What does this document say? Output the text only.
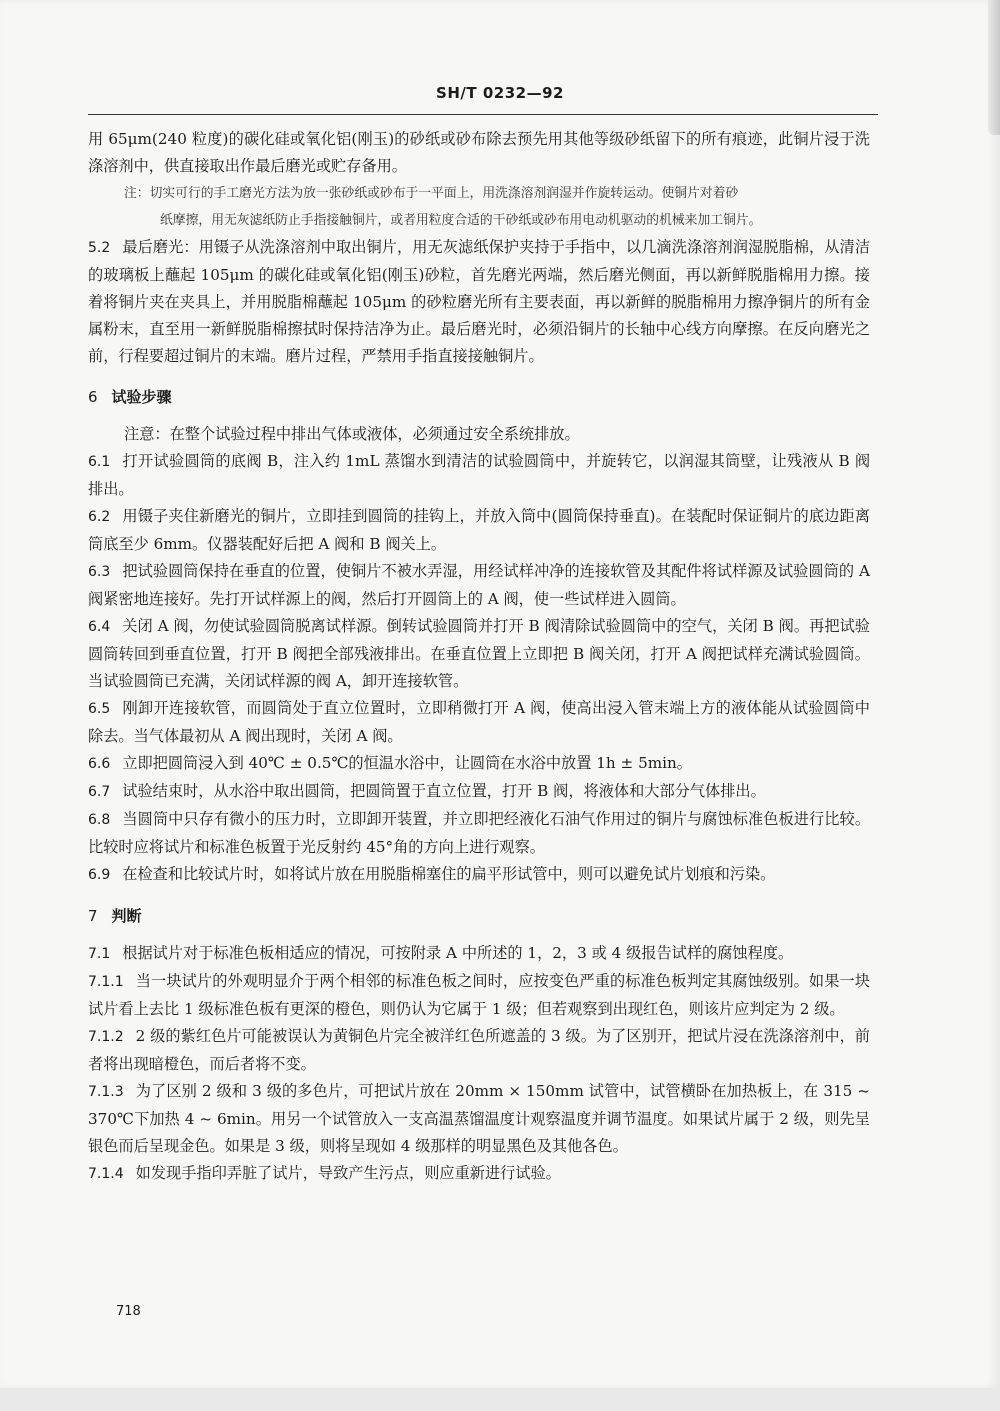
SH/T 0232—92

用 65μm(240 粒度)的碳化硅或氧化铝(刚玉)的砂纸或砂布除去预先用其他等级砂纸留下的所有痕迹，此铜片浸于洗涤溶剂中，供直接取出作最后磨光或贮存备用。

注：切实可行的手工磨光方法为放一张砂纸或砂布于一平面上，用洗涤溶剂润湿并作旋转运动。使铜片对着砂

纸摩擦，用无灰滤纸防止手指接触铜片，或者用粒度合适的干砂纸或砂布用电动机驱动的机械来加工铜片。

5.2 最后磨光：用镊子从洗涤溶剂中取出铜片，用无灰滤纸保护夹持于手指中，以几滴洗涤溶剂润湿脱脂棉，从清洁的玻璃板上蘸起 105μm 的碳化硅或氧化铝(刚玉)砂粒，首先磨光两端，然后磨光侧面，再以新鲜脱脂棉用力擦。接着将铜片夹在夹具上，并用脱脂棉蘸起 105μm 的砂粒磨光所有主要表面，再以新鲜的脱脂棉用力擦净铜片的所有金属粉末，直至用一新鲜脱脂棉擦拭时保持洁净为止。最后磨光时，必须沿铜片的长轴中心线方向摩擦。在反向磨光之前，行程要超过铜片的末端。磨片过程，严禁用手指直接接触铜片。

6 试验步骤

注意：在整个试验过程中排出气体或液体，必须通过安全系统排放。

6.1 打开试验圆筒的底阀 B，注入约 1mL 蒸馏水到清洁的试验圆筒中，并旋转它，以润湿其筒壁，让残液从 B 阀排出。

6.2 用镊子夹住新磨光的铜片，立即挂到圆筒的挂钩上，并放入筒中(圆筒保持垂直)。在装配时保证铜片的底边距离筒底至少 6mm。仪器装配好后把 A 阀和 B 阀关上。

6.3 把试验圆筒保持在垂直的位置，使铜片不被水弄湿，用经试样冲净的连接软管及其配件将试样源及试验圆筒的 A 阀紧密地连接好。先打开试样源上的阀，然后打开圆筒上的 A 阀，使一些试样进入圆筒。

6.4 关闭 A 阀，勿使试验圆筒脱离试样源。倒转试验圆筒并打开 B 阀清除试验圆筒中的空气，关闭 B 阀。再把试验圆筒转回到垂直位置，打开 B 阀把全部残液排出。在垂直位置上立即把 B 阀关闭，打开 A 阀把试样充满试验圆筒。当试验圆筒已充满，关闭试样源的阀 A，卸开连接软管。

6.5 刚卸开连接软管，而圆筒处于直立位置时，立即稍微打开 A 阀，使高出浸入管末端上方的液体能从试验圆筒中除去。当气体最初从 A 阀出现时，关闭 A 阀。

6.6 立即把圆筒浸入到 40℃ ± 0.5℃的恒温水浴中，让圆筒在水浴中放置 1h ± 5min。

6.7 试验结束时，从水浴中取出圆筒，把圆筒置于直立位置，打开 B 阀，将液体和大部分气体排出。

6.8 当圆筒中只存有微小的压力时，立即卸开装置，并立即把经液化石油气作用过的铜片与腐蚀标准色板进行比较。比较时应将试片和标准色板置于光反射约 45°角的方向上进行观察。

6.9 在检查和比较试片时，如将试片放在用脱脂棉塞住的扁平形试管中，则可以避免试片划痕和污染。

7 判断

7.1 根据试片对于标准色板相适应的情况，可按附录 A 中所述的 1，2，3 或 4 级报告试样的腐蚀程度。

7.1.1 当一块试片的外观明显介于两个相邻的标准色板之间时，应按变色严重的标准色板判定其腐蚀级别。如果一块试片看上去比 1 级标准色板有更深的橙色，则仍认为它属于 1 级；但若观察到出现红色，则该片应判定为 2 级。

7.1.2 2 级的紫红色片可能被误认为黄铜色片完全被洋红色所遮盖的 3 级。为了区别开，把试片浸在洗涤溶剂中，前者将出现暗橙色，而后者将不变。

7.1.3 为了区别 2 级和 3 级的多色片，可把试片放在 20mm × 150mm 试管中，试管横卧在加热板上，在 315 ~ 370℃下加热 4 ~ 6min。用另一个试管放入一支高温蒸馏温度计观察温度并调节温度。如果试片属于 2 级，则先呈银色而后呈现金色。如果是 3 级，则将呈现如 4 级那样的明显黑色及其他各色。

7.1.4 如发现手指印弄脏了试片，导致产生污点，则应重新进行试验。

718
